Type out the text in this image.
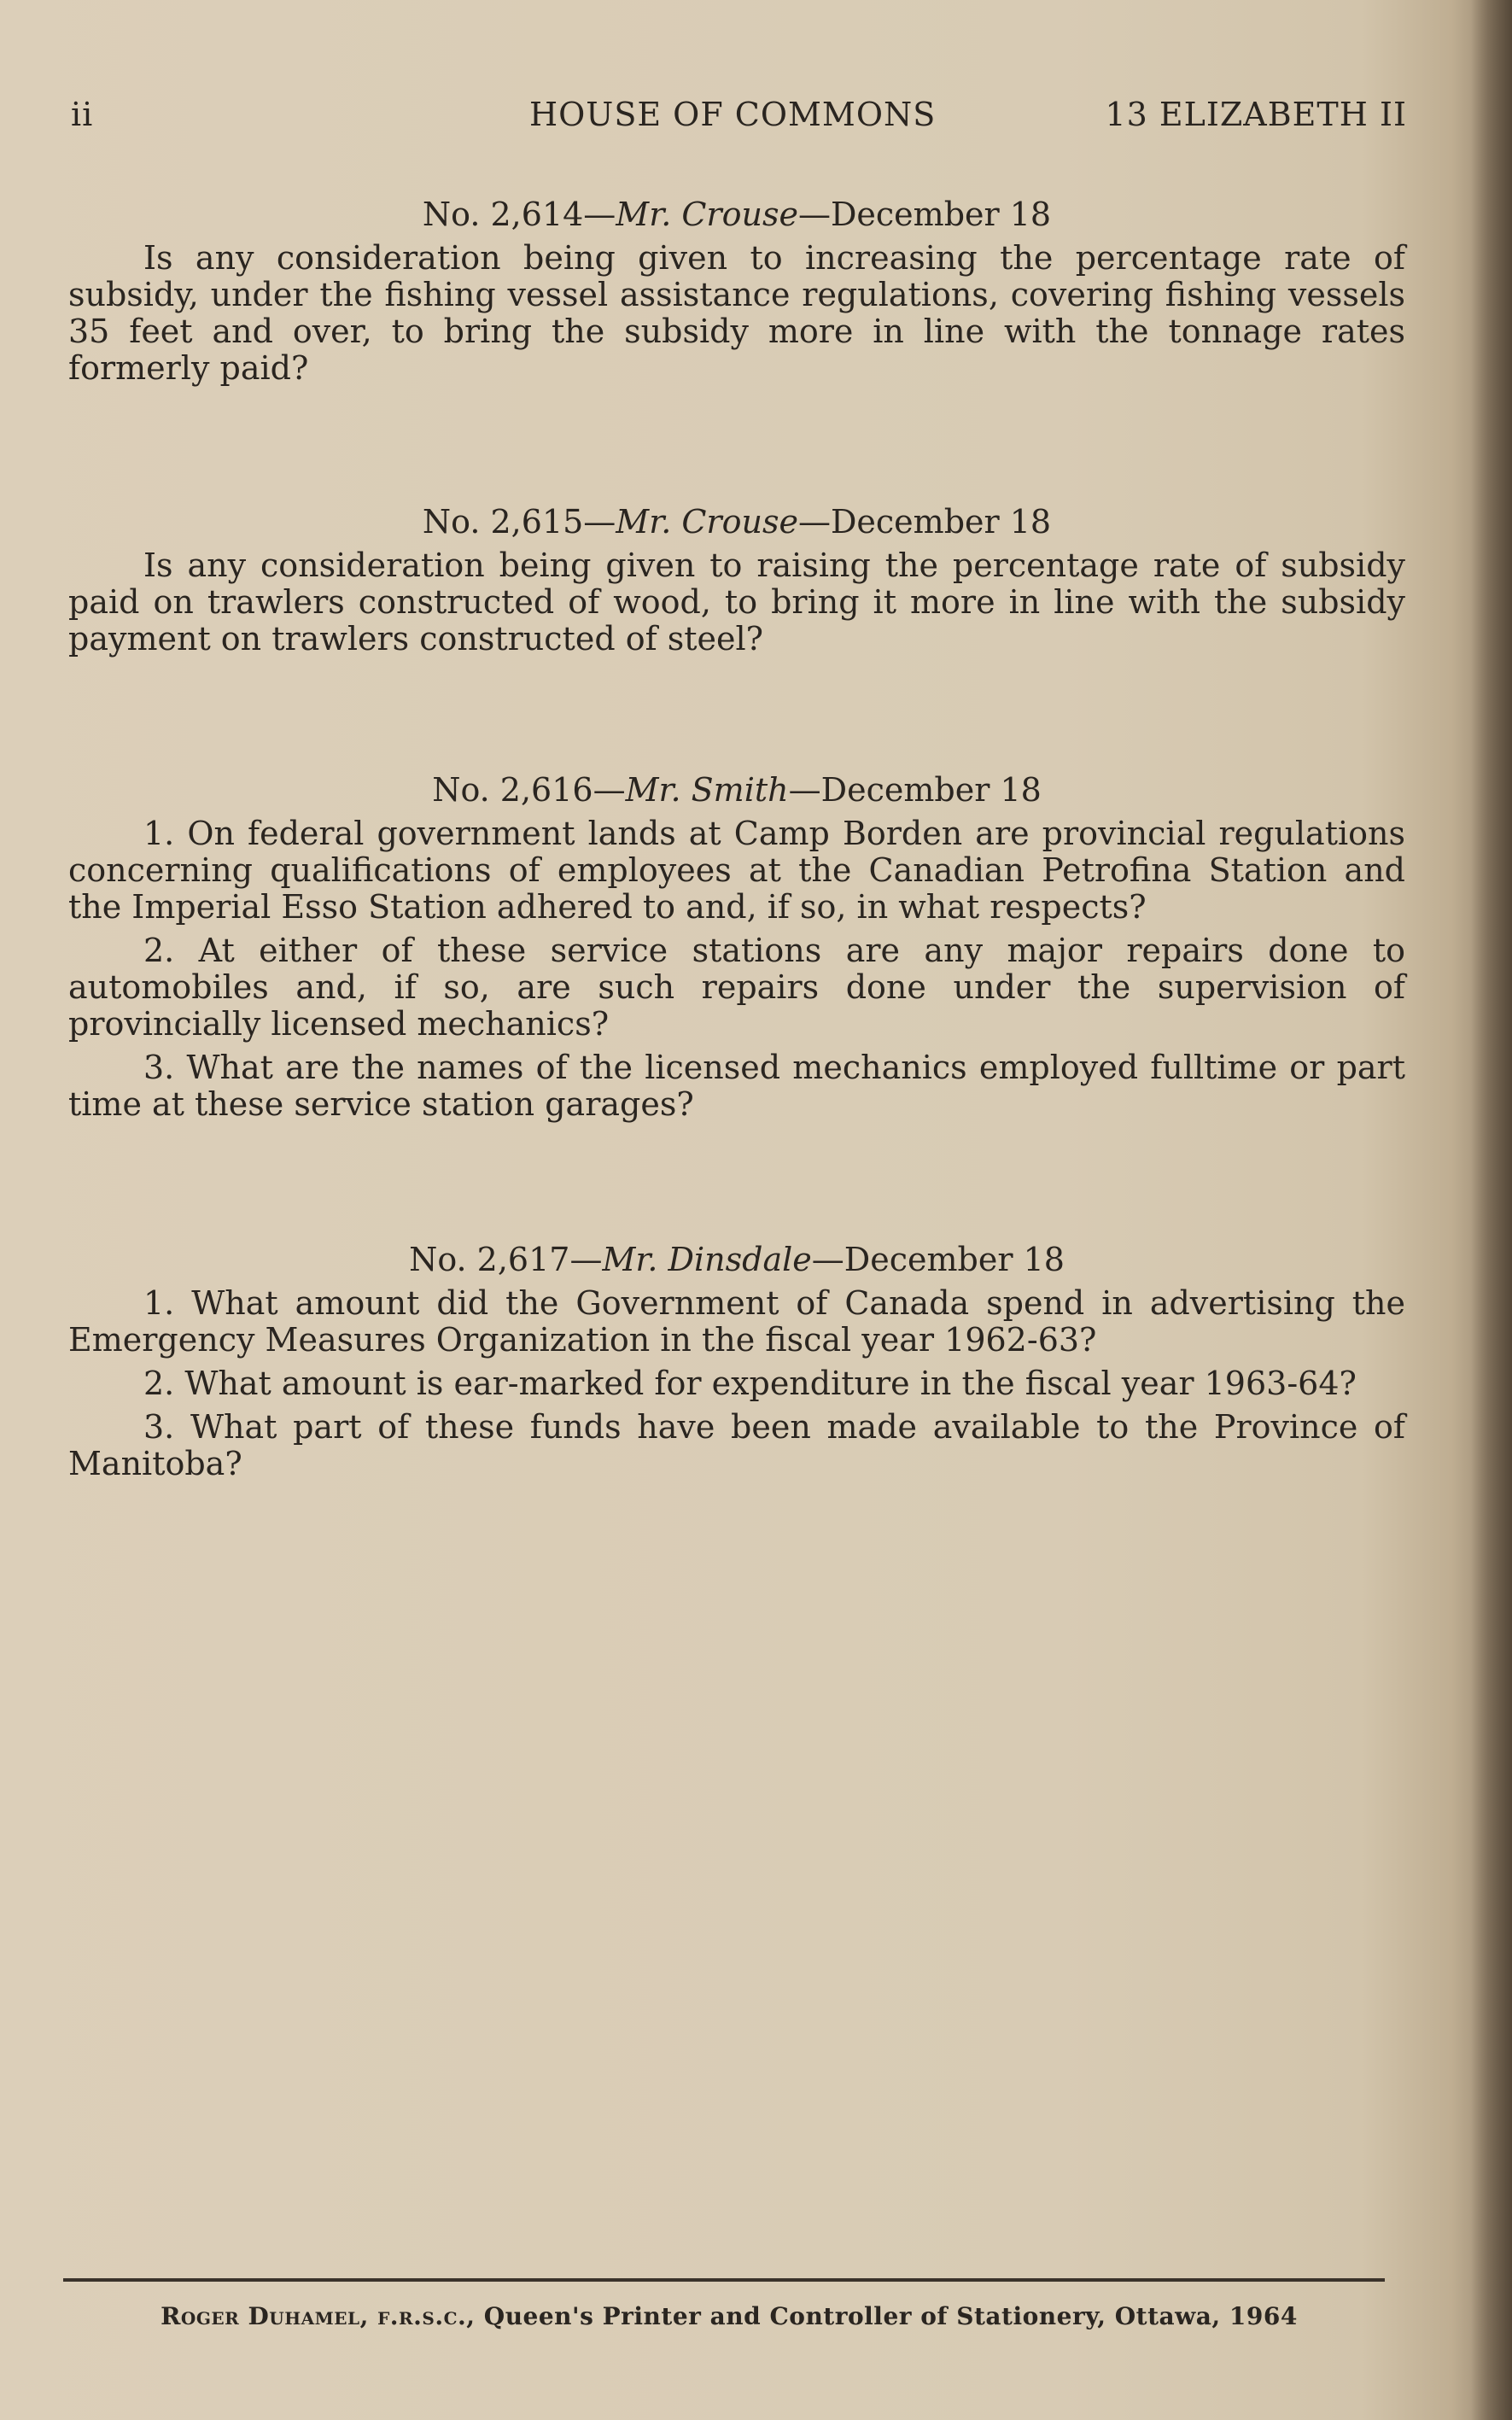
ii	HOUSE OF COMMONS	13 ELIZABETH II

No. 2,614—Mr. Crouse—December 18

Is any consideration being given to increasing the percentage rate of subsidy, under the fishing vessel assistance regulations, covering fishing vessels 35 feet and over, to bring the subsidy more in line with the tonnage rates formerly paid?

No. 2,615—Mr. Crouse—December 18

Is any consideration being given to raising the percentage rate of subsidy paid on trawlers constructed of wood, to bring it more in line with the subsidy payment on trawlers constructed of steel?

No. 2,616—Mr. Smith—December 18

1. On federal government lands at Camp Borden are provincial regulations concerning qualifications of employees at the Canadian Petrofina Station and the Imperial Esso Station adhered to and, if so, in what respects?

2. At either of these service stations are any major repairs done to automobiles and, if so, are such repairs done under the supervision of provincially licensed mechanics?

3. What are the names of the licensed mechanics employed fulltime or part time at these service station garages?

No. 2,617—Mr. Dinsdale—December 18

1. What amount did the Government of Canada spend in advertising the Emergency Measures Organization in the fiscal year 1962-63?

2. What amount is ear-marked for expenditure in the fiscal year 1963-64?

3. What part of these funds have been made available to the Province of Manitoba?

Roger Duhamel, f.r.s.c., Queen's Printer and Controller of Stationery, Ottawa, 1964
